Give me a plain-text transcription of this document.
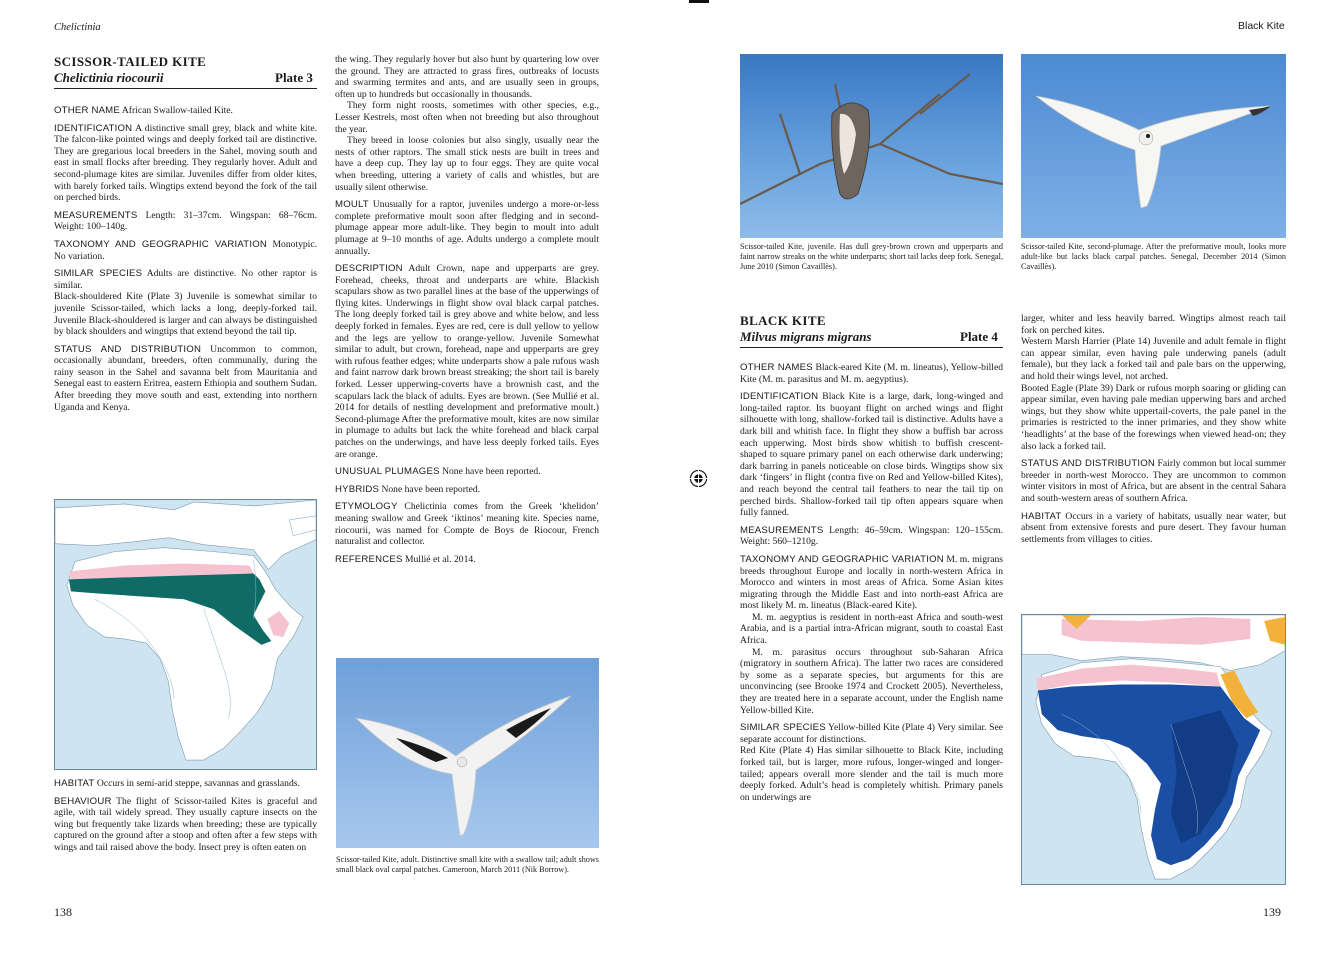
Chelictinia
SCISSOR-TAILED KITE
Chelictinia riocourii	Plate 3

OTHER NAME African Swallow-tailed Kite.

IDENTIFICATION A distinctive small grey, black and white kite. The falcon-like pointed wings and deeply forked tail are distinctive. They are gregarious local breeders in the Sahel, moving south and east in small flocks after breeding. They regularly hover. Adult and second-plumage kites are similar. Juveniles differ from older kites, with barely forked tails. Wingtips extend beyond the fork of the tail on perched birds.

MEASUREMENTS Length: 31–37cm. Wingspan: 68–76cm. Weight: 100–140g.

TAXONOMY AND GEOGRAPHIC VARIATION Monotypic. No variation.

SIMILAR SPECIES Adults are distinctive. No other raptor is similar.

Black-shouldered Kite (Plate 3) Juvenile is somewhat similar to juvenile Scissor-tailed, which lacks a long, deeply-forked tail. Juvenile Black-shouldered is larger and can always be distinguished by black shoulders and wingtips that extend beyond the tail tip.

STATUS AND DISTRIBUTION Uncommon to common, occasionally abundant, breeders, often communally, during the rainy season in the Sahel and savanna belt from Mauritania and Senegal east to eastern Eritrea, eastern Ethiopia and southern Sudan. After breeding they move south and east, extending into northern Uganda and Kenya.

HABITAT Occurs in semi-arid steppe, savannas and grasslands.

BEHAVIOUR The flight of Scissor-tailed Kites is graceful and agile, with tail widely spread. They usually capture insects on the wing but frequently take lizards when breeding; these are typically captured on the ground after a stoop and often after a few steps with wings and tail raised above the body. Insect prey is often eaten on

the wing. They regularly hover but also hunt by quartering low over the ground. They are attracted to grass fires, outbreaks of locusts and swarming termites and ants, and are usually seen in groups, often up to hundreds but occasionally in thousands.

They form night roosts, sometimes with other species, e.g., Lesser Kestrels, most often when not breeding but also throughout the year.

They breed in loose colonies but also singly, usually near the nests of other raptors. The small stick nests are built in trees and have a deep cup. They lay up to four eggs. They are quite vocal when breeding, uttering a variety of calls and whistles, but are usually silent otherwise.

MOULT Unusually for a raptor, juveniles undergo a more-or-less complete preformative moult soon after fledging and in second-plumage appear more adult-like. They begin to moult into adult plumage at 9–10 months of age. Adults undergo a complete moult annually.

DESCRIPTION Adult Crown, nape and upperparts are grey. Forehead, cheeks, throat and underparts are white. Blackish scapulars show as two parallel lines at the base of the upperwings of flying kites. Underwings in flight show oval black carpal patches. The long deeply forked tail is grey above and white below, and less deeply forked in females. Eyes are red, cere is dull yellow to yellow and the legs are yellow to orange-yellow. Juvenile Somewhat similar to adult, but crown, forehead, nape and upperparts are grey with rufous feather edges; white underparts show a pale rufous wash and faint narrow dark brown breast streaking; the short tail is barely forked. Lesser upperwing-coverts have a brownish cast, and the scapulars lack the black of adults. Eyes are brown. (See Mullié et al. 2014 for details of nestling development and preformative moult.) Second-plumage After the preformative moult, kites are now similar in plumage to adults but lack the white forehead and black carpal patches on the underwings, and have less deeply forked tails. Eyes are orange.

UNUSUAL PLUMAGES None have been reported.

HYBRIDS None have been reported.

ETYMOLOGY Chelictinia comes from the Greek ‘khelidon’ meaning swallow and Greek ‘iktinos’ meaning kite. Species name, riocourii, was named for Compte de Boys de Riocour, French naturalist and collector.

REFERENCES Mullié et al. 2014.

Scissor-tailed Kite, adult. Distinctive small kite with a swallow tail; adult shows small black oval carpal patches. Cameroon, March 2011 (Nik Borrow).
138
Black Kite
Scissor-tailed Kite, juvenile. Has dull grey-brown crown and upperparts and faint narrow streaks on the white underparts; short tail lacks deep fork. Senegal, June 2010 (Simon Cavaillès).
Scissor-tailed Kite, second-plumage. After the preformative moult, looks more adult-like but lacks black carpal patches. Senegal, December 2014 (Simon Cavaillès).
BLACK KITE
Milvus migrans migrans	Plate 4

OTHER NAMES Black-eared Kite (M. m. lineatus), Yellow-billed Kite (M. m. parasitus and M. m. aegyptius).

IDENTIFICATION Black Kite is a large, dark, long-winged and long-tailed raptor. Its buoyant flight on arched wings and flight silhouette with long, shallow-forked tail is distinctive. Adults have a dark bill and whitish face. In flight they show a buffish bar across each upperwing. Most birds show whitish to buffish crescent-shaped to square primary panel on each otherwise dark underwing; dark barring in panels noticeable on close birds. Wingtips show six dark ‘fingers’ in flight (contra five on Red and Yellow-billed Kites), and reach beyond the central tail feathers to near the tail tip on perched birds. Shallow-forked tail tip often appears square when fully fanned.

MEASUREMENTS Length: 46–59cm. Wingspan: 120–155cm. Weight: 560–1210g.

TAXONOMY AND GEOGRAPHIC VARIATION M. m. migrans breeds throughout Europe and locally in north-western Africa in Morocco and winters in most areas of Africa. Some Asian kites migrating through the Middle East and into north-east Africa are most likely M. m. lineatus (Black-eared Kite).

M. m. aegyptius is resident in north-east Africa and south-west Arabia, and is a partial intra-African migrant, south to coastal East Africa.

M. m. parasitus occurs throughout sub-Saharan Africa (migratory in southern Africa). The latter two races are considered by some as a separate species, but arguments for this are unconvincing (see Brooke 1974 and Crockett 2005). Nevertheless, they are treated here in a separate account, under the English name Yellow-billed Kite.

SIMILAR SPECIES Yellow-billed Kite (Plate 4) Very similar. See separate account for distinctions.

Red Kite (Plate 4) Has similar silhouette to Black Kite, including forked tail, but is larger, more rufous, longer-winged and longer-tailed; appears overall more slender and the tail is much more deeply forked. Adult’s head is completely whitish. Primary panels on underwings are

larger, whiter and less heavily barred. Wingtips almost reach tail fork on perched kites.

Western Marsh Harrier (Plate 14) Juvenile and adult female in flight can appear similar, even having pale underwing panels (adult female), but they lack a forked tail and pale bars on the upperwing, and hold their wings level, not arched.

Booted Eagle (Plate 39) Dark or rufous morph soaring or gliding can appear similar, even having pale median upperwing bars and arched wings, but they show white uppertail-coverts, the pale panel in the primaries is restricted to the inner primaries, and they show white ‘headlights’ at the base of the forewings when viewed head-on; they also lack a forked tail.

STATUS AND DISTRIBUTION Fairly common but local summer breeder in north-west Morocco. They are uncommon to common winter visitors in most of Africa, but are absent in the central Sahara and south-western areas of southern Africa.

HABITAT Occurs in a variety of habitats, usually near water, but absent from extensive forests and pure desert. They favour human settlements from villages to cities.

139
